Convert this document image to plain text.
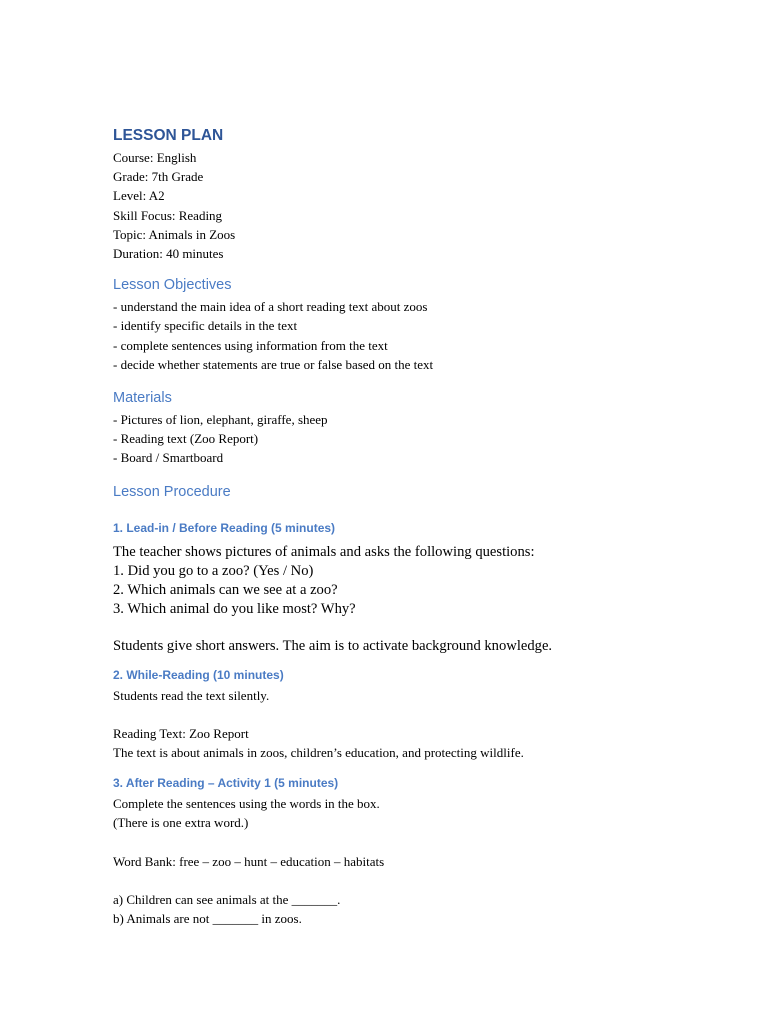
LESSON PLAN

Course: English

Grade: 7th Grade

Level: A2

Skill Focus: Reading

Topic: Animals in Zoos

Duration: 40 minutes

Lesson Objectives

- understand the main idea of a short reading text about zoos

- identify specific details in the text

- complete sentences using information from the text

- decide whether statements are true or false based on the text

Materials

- Pictures of lion, elephant, giraffe, sheep

- Reading text (Zoo Report)

- Board / Smartboard

Lesson Procedure

1. Lead-in / Before Reading (5 minutes)

The teacher shows pictures of animals and asks the following questions:

1. Did you go to a zoo? (Yes / No)

2. Which animals can we see at a zoo?

3. Which animal do you like most? Why?

Students give short answers. The aim is to activate background knowledge.

2. While-Reading (10 minutes)

Students read the text silently.

Reading Text: Zoo Report

The text is about animals in zoos, children’s education, and protecting wildlife.

3. After Reading – Activity 1 (5 minutes)

Complete the sentences using the words in the box.

(There is one extra word.)

Word Bank: free – zoo – hunt – education – habitats

a) Children can see animals at the _______.

b) Animals are not _______ in zoos.
